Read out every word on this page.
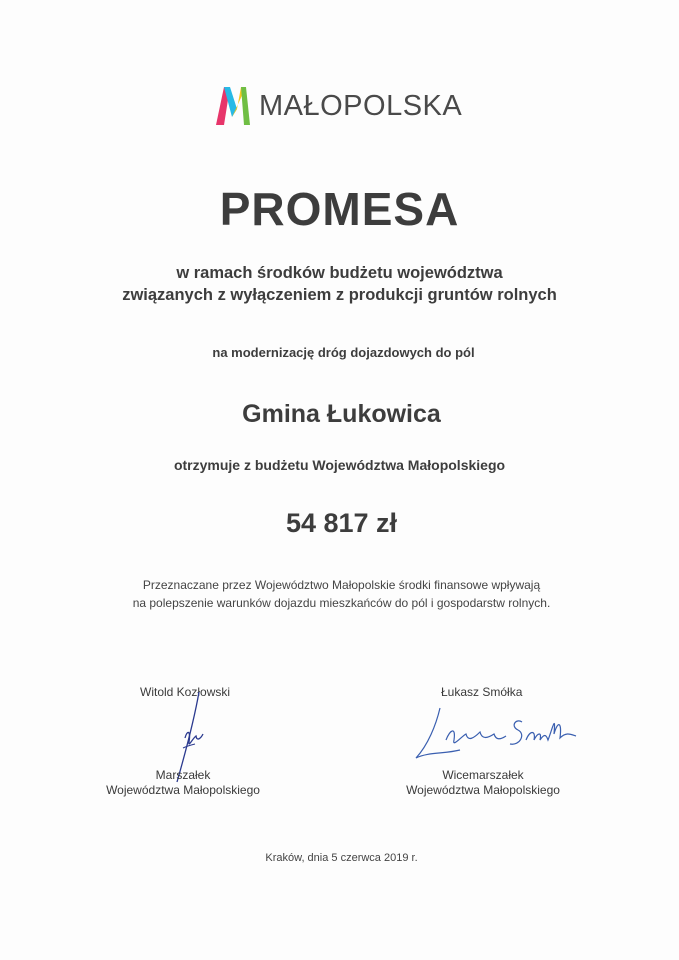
MAŁOPOLSKA
PROMESA
w ramach środków budżetu województwa
związanych z wyłączeniem z produkcji gruntów rolnych
na modernizację dróg dojazdowych do pól
Gmina Łukowica
otrzymuje z budżetu Województwa Małopolskiego
54 817 zł
Przeznaczane przez Województwo Małopolskie środki finansowe wpływają
na polepszenie warunków dojazdu mieszkańców do pól i gospodarstw rolnych.
Witold Kozłowski
Marszałek
Województwa Małopolskiego
Łukasz Smółka
Wicemarszałek
Województwa Małopolskiego
Kraków, dnia 5 czerwca 2019 r.
